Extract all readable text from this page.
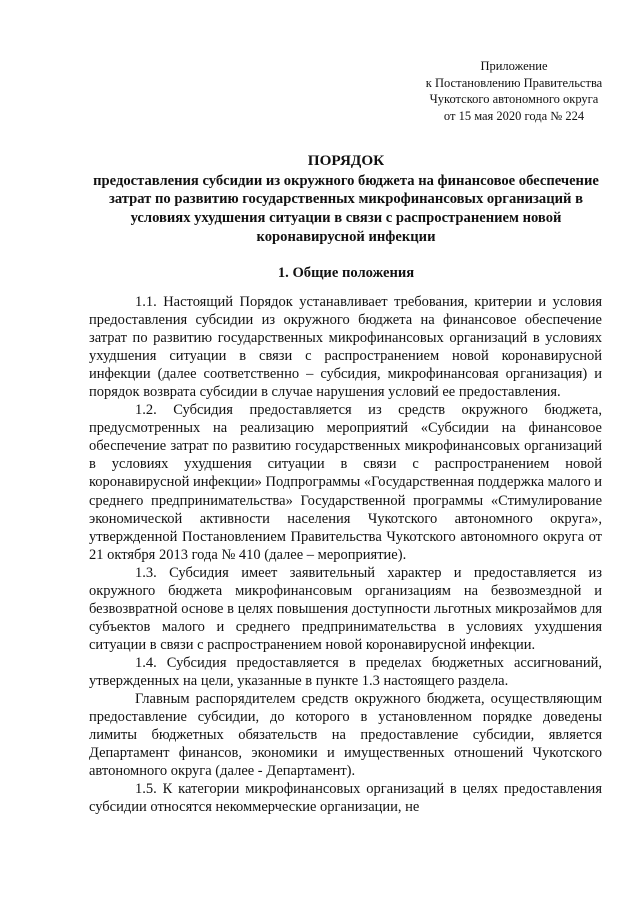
Приложение
к Постановлению Правительства
Чукотского автономного округа
от 15 мая 2020 года № 224
ПОРЯДОК
предоставления субсидии из окружного бюджета на финансовое обеспечение затрат по развитию государственных микрофинансовых организаций в условиях ухудшения ситуации в связи с распространением новой коронавирусной инфекции
1. Общие положения

1.1. Настоящий Порядок устанавливает требования, критерии и условия предоставления субсидии из окружного бюджета на финансовое обеспечение затрат по развитию государственных микрофинансовых организаций в условиях ухудшения ситуации в связи с распространением новой коронавирусной инфекции (далее соответственно – субсидия, микрофинансовая организация) и порядок возврата субсидии в случае нарушения условий ее предоставления.

1.2. Субсидия предоставляется из средств окружного бюджета, предусмотренных на реализацию мероприятий «Субсидии на финансовое обеспечение затрат по развитию государственных микрофинансовых организаций в условиях ухудшения ситуации в связи с распространением новой коронавирусной инфекции» Подпрограммы «Государственная поддержка малого и среднего предпринимательства» Государственной программы «Стимулирование экономической активности населения Чукотского автономного округа», утвержденной Постановлением Правительства Чукотского автономного округа от 21 октября 2013 года № 410 (далее – мероприятие).

1.3. Субсидия имеет заявительный характер и предоставляется из окружного бюджета микрофинансовым организациям на безвозмездной и безвозвратной основе в целях повышения доступности льготных микрозаймов для субъектов малого и среднего предпринимательства в условиях ухудшения ситуации в связи с распространением новой коронавирусной инфекции.

1.4. Субсидия предоставляется в пределах бюджетных ассигнований, утвержденных на цели, указанные в пункте 1.3 настоящего раздела.

Главным распорядителем средств окружного бюджета, осуществляющим предоставление субсидии, до которого в установленном порядке доведены лимиты бюджетных обязательств на предоставление субсидии, является Департамент финансов, экономики и имущественных отношений Чукотского автономного округа (далее - Департамент).

1.5. К категории микрофинансовых организаций в целях предоставления субсидии относятся некоммерческие организации, не
